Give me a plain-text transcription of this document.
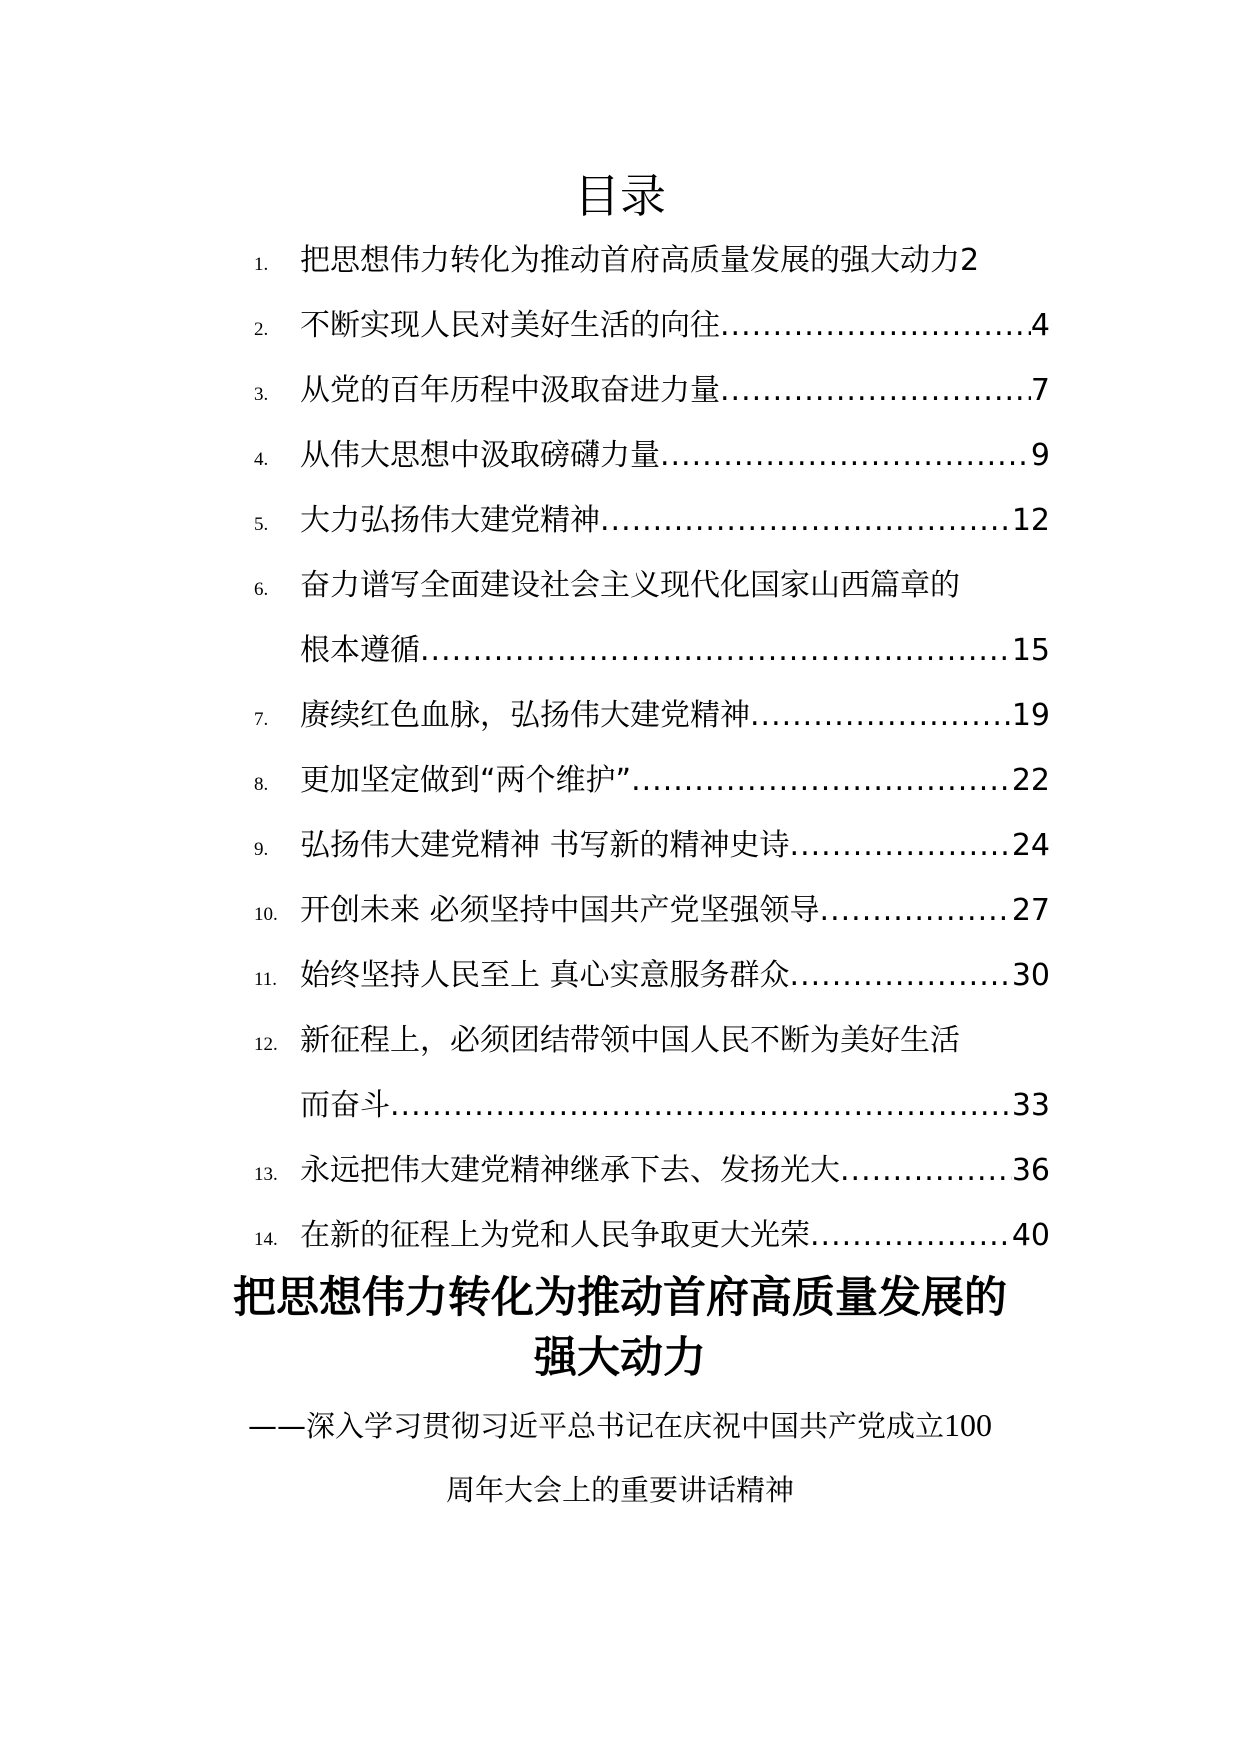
目录
1.	把思想伟力转化为推动首府高质量发展的强大动力 2
2.	不断实现人民对美好生活的向往 .....	4
3.	从党的百年历程中汲取奋进力量 .....	7
4.	从伟大思想中汲取磅礴力量 .....	9
5.	大力弘扬伟大建党精神 .....	12
6.	奋力谱写全面建设社会主义现代化国家山西篇章的
根本遵循 .....	15
7.	赓续红色血脉，弘扬伟大建党精神 .....	19
8.	更加坚定做到“两个维护” .....	22
9.	弘扬伟大建党精神 书写新的精神史诗 .....	24
10. 开创未来 必须坚持中国共产党坚强领导 .....	27
11. 始终坚持人民至上 真心实意服务群众 .....	30
12. 新征程上，必须团结带领中国人民不断为美好生活
而奋斗 .....	33
13. 永远把伟大建党精神继承下去、发扬光大 .....	36
14. 在新的征程上为党和人民争取更大光荣 .....	40
把思想伟力转化为推动首府高质量发展的
强大动力

——深入学习贯彻习近平总书记在庆祝中国共产党成立100
周年大会上的重要讲话精神
